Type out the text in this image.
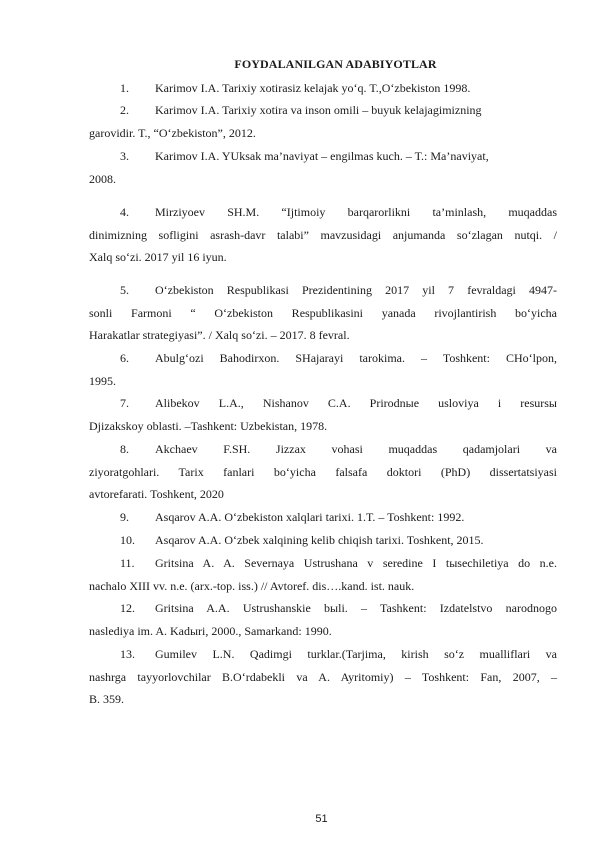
FOYDALANILGAN ADABIYOTLAR
1. Karimov I.A. Tarixiy xotirasiz kelajak yo‘q. T.,O‘zbekiston 1998.
2. Karimov I.A. Tarixiy xotira va inson omili – buyuk kelajagimizning
garovidir. T., “O‘zbekiston”, 2012.
3. Karimov I.A. YUksak ma’naviyat – engilmas kuch. – T.: Ma’naviyat,
2008.
4. Mirziyoev SH.M. “Ijtimoiy barqarorlikni ta’minlash, muqaddas
dinimizning sofligini asrash-davr talabi” mavzusidagi anjumanda so‘zlagan nutqi. /
Xalq so‘zi. 2017 yil 16 iyun.
5. O‘zbekiston Respublikasi Prezidentining 2017 yil 7 fevraldagi 4947-
sonli Farmoni “ O‘zbekiston Respublikasini yanada rivojlantirish bo‘yicha
Harakatlar strategiyasi”. / Xalq so‘zi. – 2017. 8 fevral.
6. Abulg‘ozi Bahodirxon. SHajarayi tarokima. – Toshkent: CHo‘lpon,
1995.
7. Alibekov L.A., Nishanov C.A. Prirodnыe usloviya i resursы
Djizakskoy oblasti. –Tashkent: Uzbekistan, 1978.
8. Akchaev F.SH. Jizzax vohasi muqaddas qadamjolari va
ziyoratgohlari. Tarix fanlari bo‘yicha falsafa doktori (PhD) dissertatsiyasi
avtorefarati. Toshkent, 2020
9. Asqarov A.A. O‘zbekiston xalqlari tarixi. 1.T. – Toshkent: 1992.
10. Asqarov A.A. O‘zbek xalqining kelib chiqish tarixi. Toshkent, 2015.
11. Gritsina A. A. Severnaya Ustrushana v seredine I tыsechiletiya do n.e.
nachalo XIII vv. n.e. (arx.-top. iss.) // Avtoref. dis….kand. ist. nauk.
12. Gritsina A.A. Ustrushanskie bыli. – Tashkent: Izdatelstvo narodnogo
naslediya im. A. Kadыri, 2000., Samarkand: 1990.
13. Gumilev L.N. Qadimgi turklar.(Tarjima, kirish so‘z mualliflari va
nashrga tayyorlovchilar B.O‘rdabekli va A. Ayritomiy) – Toshkent: Fan, 2007, –
B. 359.
51
